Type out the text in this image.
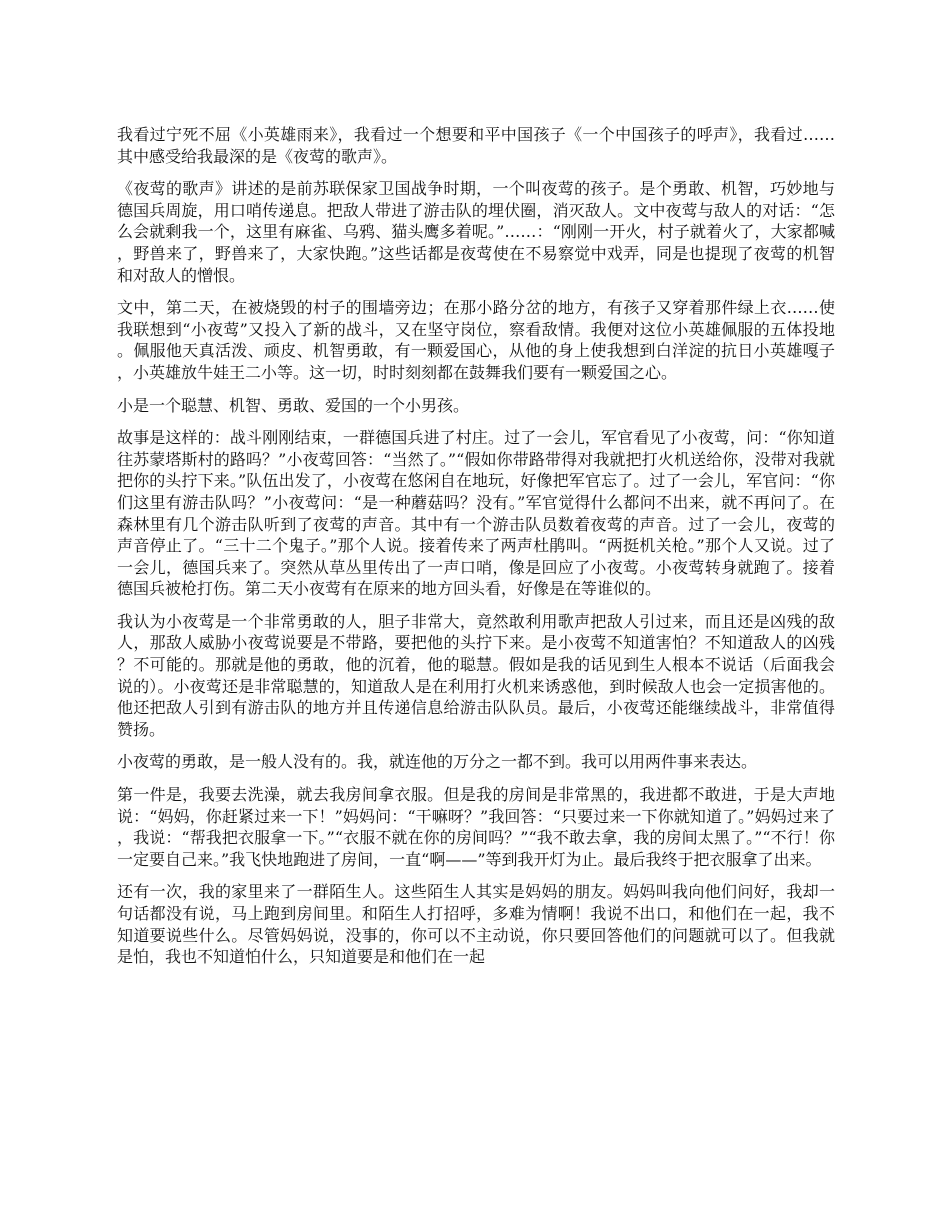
我看过宁死不屈《小英雄雨来》，我看过一个想要和平中国孩子《一个中国孩子的呼声》，我看过……其中感受给我最深的是《夜莺的歌声》。

《夜莺的歌声》讲述的是前苏联保家卫国战争时期，一个叫夜莺的孩子。是个勇敢、机智，巧妙地与德国兵周旋，用口哨传递息。把敌人带进了游击队的埋伏圈，消灭敌人。文中夜莺与敌人的对话：“怎么会就剩我一个，这里有麻雀、乌鸦、猫头鹰多着呢。”……：“刚刚一开火，村子就着火了，大家都喊，野兽来了，野兽来了，大家快跑。”这些话都是夜莺使在不易察觉中戏弄，同是也提现了夜莺的机智和对敌人的憎恨。

文中，第二天，在被烧毁的村子的围墙旁边；在那小路分岔的地方，有孩子又穿着那件绿上衣……使我联想到“小夜莺”又投入了新的战斗，又在坚守岗位，察看敌情。我便对这位小英雄佩服的五体投地。佩服他天真活泼、顽皮、机智勇敢，有一颗爱国心，从他的身上使我想到白洋淀的抗日小英雄嘎子，小英雄放牛娃王二小等。这一切，时时刻刻都在鼓舞我们要有一颗爱国之心。

小是一个聪慧、机智、勇敢、爱国的一个小男孩。

故事是这样的：战斗刚刚结束，一群德国兵进了村庄。过了一会儿，军官看见了小夜莺，问：“你知道往苏蒙塔斯村的路吗？”小夜莺回答：“当然了。”“假如你带路带得对我就把打火机送给你，没带对我就把你的头拧下来。”队伍出发了，小夜莺在悠闲自在地玩，好像把军官忘了。过了一会儿，军官问：“你们这里有游击队吗？”小夜莺问：“是一种蘑菇吗？没有。”军官觉得什么都问不出来，就不再问了。在森林里有几个游击队听到了夜莺的声音。其中有一个游击队员数着夜莺的声音。过了一会儿，夜莺的声音停止了。“三十二个鬼子。”那个人说。接着传来了两声杜鹃叫。“两挺机关枪。”那个人又说。过了一会儿，德国兵来了。突然从草丛里传出了一声口哨，像是回应了小夜莺。小夜莺转身就跑了。接着德国兵被枪打伤。第二天小夜莺有在原来的地方回头看，好像是在等谁似的。

我认为小夜莺是一个非常勇敢的人，胆子非常大，竟然敢利用歌声把敌人引过来，而且还是凶残的敌人，那敌人威胁小夜莺说要是不带路，要把他的头拧下来。是小夜莺不知道害怕？不知道敌人的凶残？不可能的。那就是他的勇敢，他的沉着，他的聪慧。假如是我的话见到生人根本不说话（后面我会说的）。小夜莺还是非常聪慧的，知道敌人是在利用打火机来诱惑他，到时候敌人也会一定损害他的。他还把敌人引到有游击队的地方并且传递信息给游击队队员。最后，小夜莺还能继续战斗，非常值得赞扬。

小夜莺的勇敢，是一般人没有的。我，就连他的万分之一都不到。我可以用两件事来表达。

第一件是，我要去洗澡，就去我房间拿衣服。但是我的房间是非常黑的，我进都不敢进，于是大声地说：“妈妈，你赶紧过来一下！”妈妈问：“干嘛呀？”我回答：“只要过来一下你就知道了。”妈妈过来了，我说：“帮我把衣服拿一下。”“衣服不就在你的房间吗？”“我不敢去拿，我的房间太黑了。”“不行！你一定要自己来。”我飞快地跑进了房间，一直“啊——”等到我开灯为止。最后我终于把衣服拿了出来。

还有一次，我的家里来了一群陌生人。这些陌生人其实是妈妈的朋友。妈妈叫我向他们问好，我却一句话都没有说，马上跑到房间里。和陌生人打招呼，多难为情啊！我说不出口，和他们在一起，我不知道要说些什么。尽管妈妈说，没事的，你可以不主动说，你只要回答他们的问题就可以了。但我就是怕，我也不知道怕什么，只知道要是和他们在一起
